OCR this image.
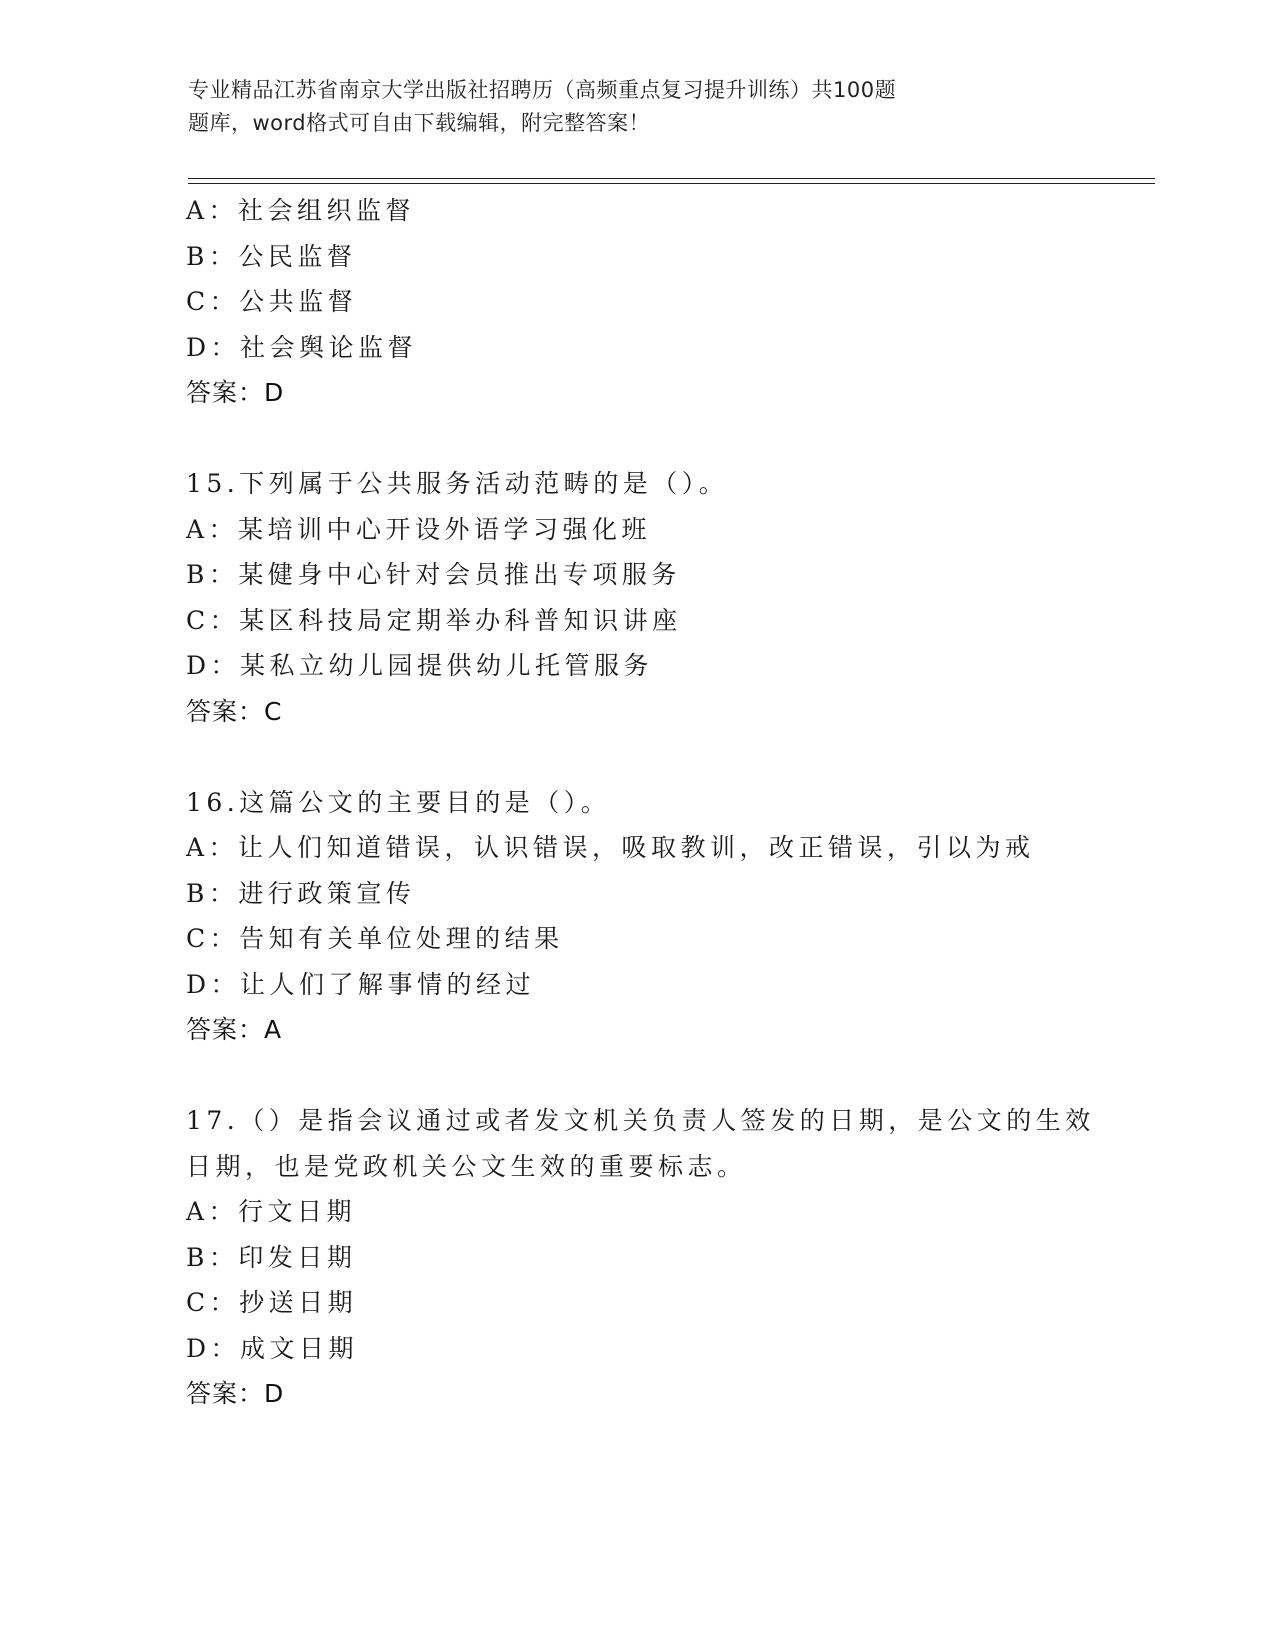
专业精品江苏省南京大学出版社招聘历（高频重点复习提升训练）共100题
题库，word格式可自由下载编辑，附完整答案！
A：社会组织监督
B：公民监督
C：公共监督
D：社会舆论监督
答案：D
15.下列属于公共服务活动范畴的是（）。
A：某培训中心开设外语学习强化班
B：某健身中心针对会员推出专项服务
C：某区科技局定期举办科普知识讲座
D：某私立幼儿园提供幼儿托管服务
答案：C
16.这篇公文的主要目的是（）。
A：让人们知道错误，认识错误，吸取教训，改正错误，引以为戒
B：进行政策宣传
C：告知有关单位处理的结果
D：让人们了解事情的经过
答案：A
17.（）是指会议通过或者发文机关负责人签发的日期，是公文的生效
日期，也是党政机关公文生效的重要标志。
A：行文日期
B：印发日期
C：抄送日期
D：成文日期
答案：D
